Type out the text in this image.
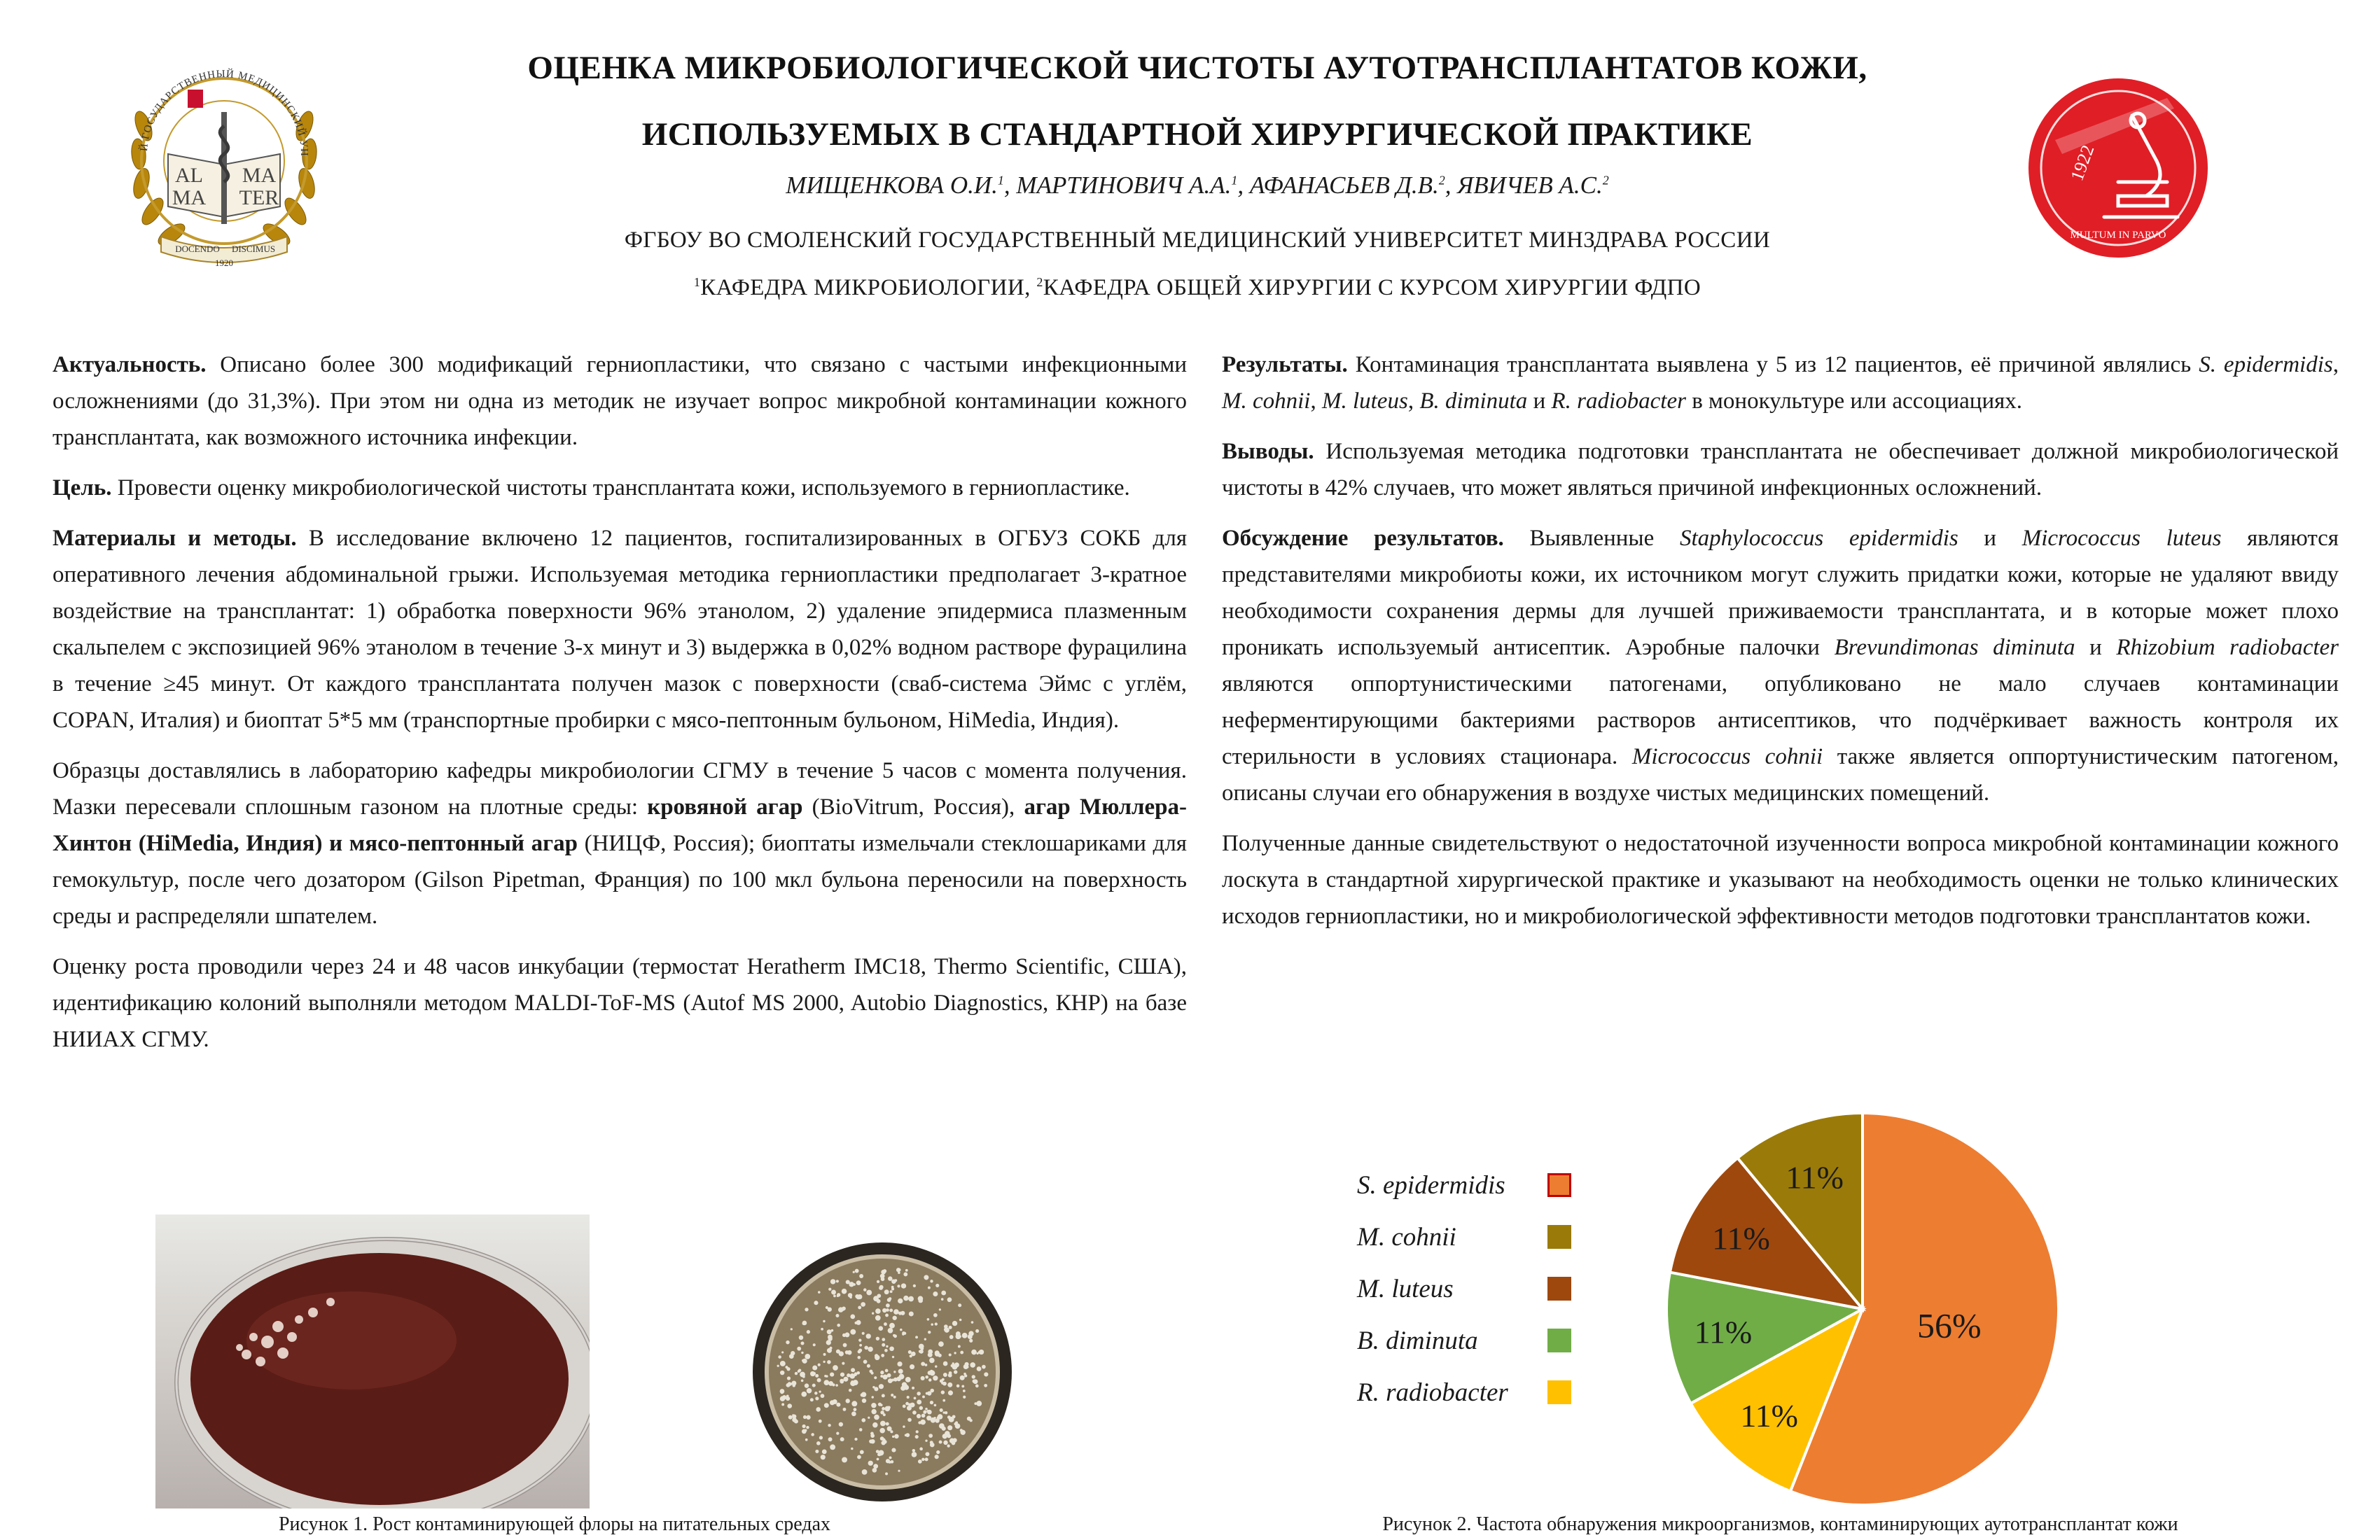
Й ГОСУДАРСТВЕННЫЙ МЕДИЦИНСКИЙ УН
AL
MA
MA
TER
DOCENDO DISCIMUS
1920
1922
MULTUM IN PARVO
ОЦЕНКА МИКРОБИОЛОГИЧЕСКОЙ ЧИСТОТЫ АУТОТРАНСПЛАНТАТОВ КОЖИ,
ИСПОЛЬЗУЕМЫХ В СТАНДАРТНОЙ ХИРУРГИЧЕСКОЙ ПРАКТИКЕ
МИЩЕНКОВА О.И.$^1$, МАРТИНОВИЧ А.А.$^1$, АФАНАСЬЕВ Д.В.$^2$, ЯВИЧЕВ А.С.$^2$
ФГБОУ ВО СМОЛЕНСКИЙ ГОСУДАРСТВЕННЫЙ МЕДИЦИНСКИЙ УНИВЕРСИТЕТ МИНЗДРАВА РОССИИ
$^1$КАФЕДРА МИКРОБИОЛОГИИ, $^2$КАФЕДРА ОБЩЕЙ ХИРУРГИИ С КУРСОМ ХИРУРГИИ ФДПО

Актуальность. Описано более 300 модификаций герниопластики, что связано с частыми инфекционными осложнениями (до 31,3%). При этом ни одна из методик не изучает вопрос микробной контаминации кожного трансплантата, как возможного источника инфекции.

Цель. Провести оценку микробиологической чистоты трансплантата кожи, используемого в герниопластике.

Материалы и методы. В исследование включено 12 пациентов, госпитализированных в ОГБУЗ СОКБ для оперативного лечения абдоминальной грыжи. Используемая методика герниопластики предполагает 3-кратное воздействие на трансплантат: 1) обработка поверхности 96% этанолом, 2) удаление эпидермиса плазменным скальпелем с экспозицией 96% этанолом в течение 3-х минут и 3) выдержка в 0,02% водном растворе фурацилина в течение ≥45 минут. От каждого трансплантата получен мазок с поверхности (сваб-система Эймс с углём, COPAN, Италия) и биоптат 5*5 мм (транспортные пробирки с мясо-пептонным бульоном, HiMedia, Индия).

Образцы доставлялись в лабораторию кафедры микробиологии СГМУ в течение 5 часов с момента получения. Мазки пересевали сплошным газоном на плотные среды: кровяной агар (BioVitrum, Россия), агар Мюллера-Хинтон (HiMedia, Индия) и мясо-пептонный агар (НИЦФ, Россия); биоптаты измельчали стеклошариками для гемокультур, после чего дозатором (Gilson Pipetman, Франция) по 100 мкл бульона переносили на поверхность среды и распределяли шпателем.

Оценку роста проводили через 24 и 48 часов инкубации (термостат Heratherm IMC18, Thermo Scientific, США), идентификацию колоний выполняли методом MALDI-ToF-MS (Autof MS 2000, Autobio Diagnostics, КНР) на базе НИИАХ СГМУ.

Рисунок 1. Рост контаминирующей флоры на питательных средах

Результаты. Контаминация трансплантата выявлена у 5 из 12 пациентов, её причиной являлись S. epidermidis, M. cohnii, M. luteus, B. diminuta и R. radiobacter в монокультуре или ассоциациях.

Выводы. Используемая методика подготовки трансплантата не обеспечивает должной микробиологической чистоты в 42% случаев, что может являться причиной инфекционных осложнений.

Обсуждение результатов. Выявленные Staphylococcus epidermidis и Micrococcus luteus являются представителями микробиоты кожи, их источником могут служить придатки кожи, которые не удаляют ввиду необходимости сохранения дермы для лучшей приживаемости трансплантата, и в которые может плохо проникать используемый антисептик. Аэробные палочки Brevundimonas diminuta и Rhizobium radiobacter являются оппортунистическими патогенами, опубликовано не мало случаев контаминации неферментирующими бактериями растворов антисептиков, что подчёркивает важность контроля их стерильности в условиях стационара. Micrococcus cohnii также является оппортунистическим патогеном, описаны случаи его обнаружения в воздухе чистых медицинских помещений.

Полученные данные свидетельствуют о недостаточной изученности вопроса микробной контаминации кожного лоскута в стандартной хирургической практике и указывают на необходимость оценки не только клинических исходов герниопластики, но и микробиологической эффективности методов подготовки трансплантатов кожи.

S. epidermidis
M. cohnii
M. luteus
B. diminuta
R. radiobacter
56%
11%
11%
11%
11%
Рисунок 2. Частота обнаружения микроорганизмов, контаминирующих аутотрансплантат кожи
